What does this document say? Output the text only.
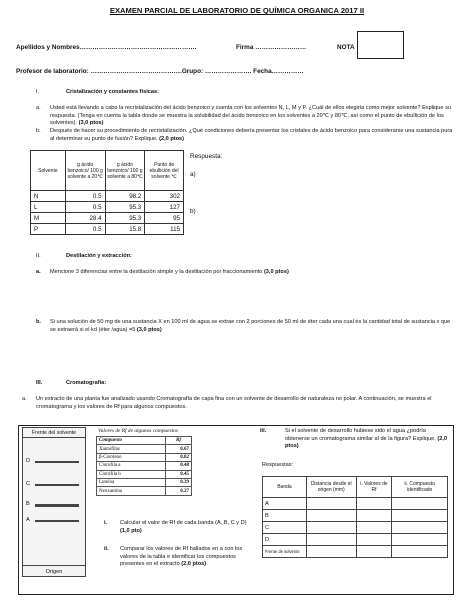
EXAMEN PARCIAL DE LABORATORIO DE QUÍMICA ORGANICA 2017 II
Apellidos y Nombres……………………………………………….	Firma ……………………	NOTA
Profesor de laboratorio: …………………………………….Grupo: …………………. Fecha……………
I.	Cristalización y constantes físicas:
a. Usted está llevando a cabo la recristalización del ácido benzoico y cuenta con los solventes N, L, M y P. ¿Cuál de ellos elegiría como mejor solvente? Explique su respuesta. (Tenga en cuenta la tabla donde se muestra la solubilidad del ácido benzoico en los solventes a 20℃ y 80℃, así como el punto de ebullición de los solventes). (3,0 ptos)
b. Después de hacer su procedimiento de recristalización. ¿Qué condiciones debería presentar los cristales de ácido benzoico para considerarse una sustancia pura al determinar su punto de fusión? Explique. (2,0 ptos)
Solvente	g ácido benzoico/ 100 g solvente a 20℃	g ácido benzoico/ 100 g solvente a 80℃	Punto de ebullición del solvente ℃
N	0.5	98.2	302
L	0.5	95.3	127
M	28.4	95.3	95
P	0.5	15.8	115
Respuesta:
a)
b)
II.	Destilación y extracción:
a. Mencione 3 diferencias entre la destilación simple y la destilación por fraccionamiento (3,0 ptos)
b. Si una solución de 50 mg de una sustancia X en 100 ml de agua se extrae con 2 porciones de 50 ml de éter cada una cual es la cantidad total de sustancia x que se extraerá si el kd (éter /agua) =5 (3,0 ptos)
III.	Cromatografía:
a. Un extracto de una planta fue analizado usando Cromatografía de capa fina con un solvente de desarrollo de naturaleza no polar. A continuación, se muestra el cromatograma y los valores de Rf para algunos compuestos.
Frente del solvente
D
C
B
A
Origen
Valores de Rf de algunos compuestos
Compuesto	Rf
Xantofilas	0.67
β-Caroteno	0.82
Clorofila a	0.48
Clorofila b	0.45
Luteína	0.39
Neoxantina	0.27
i. Calcular el valor de Rf de cada banda (A, B, C y D) (1,0 pto)
ii. Comparar los valores de Rf hallados en a con los valores de la tabla e identificar los compuestos presentes en el extracto (2,0 ptos)
iii.	Si el solvente de desarrollo hubiese sido el agua ¿podría obtenerse un cromatograma similar al de la figura? Explique. (2,0 ptos)
Respuestas:
Banda	Distancia desde el origen (mm)	i. Valores de Rf	ii. Compuesto identificado
A			
B			
C			
D			
Frente de solvente			
